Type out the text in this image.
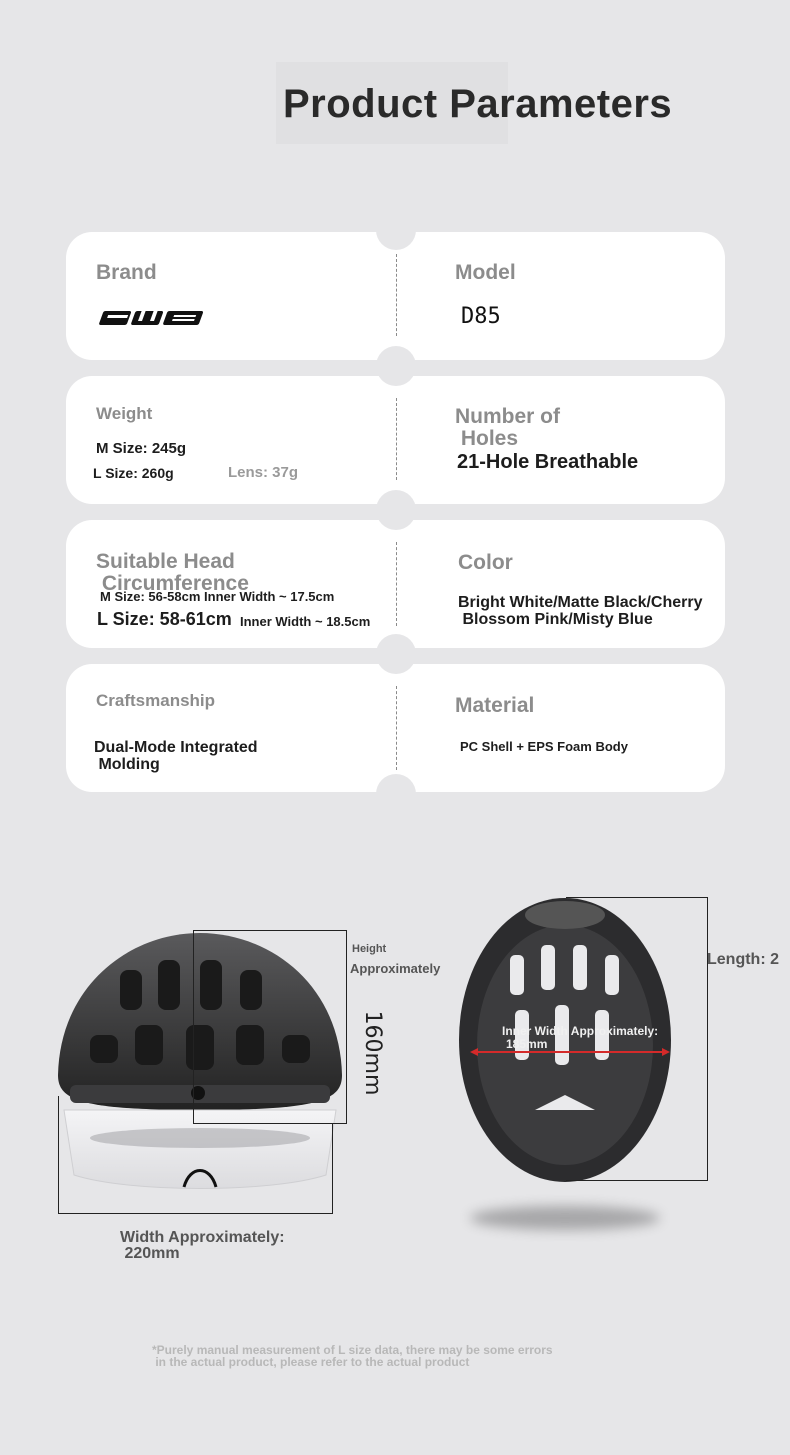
Product Parameters
Brand	Model
D85
Weight
M Size: 245g
L Size: 260g	Lens: 37g
Number of
Holes
21-Hole Breathable
Suitable Head
Circumference
M Size: 56-58cm Inner Width ~ 17.5cm
L Size: 58-61cm Inner Width ~ 18.5cm
Color
Bright White/Matte Black/Cherry
Blossom Pink/Misty Blue
Craftsmanship
Dual-Mode Integrated
Molding
Material
PC Shell + EPS Foam Body
Height
Approximately
160mm
Width Approximately:
220mm
Inner Width Approximately:
185mm
Length: 2
*Purely manual measurement of L size data, there may be some errors
in the actual product, please refer to the actual product
